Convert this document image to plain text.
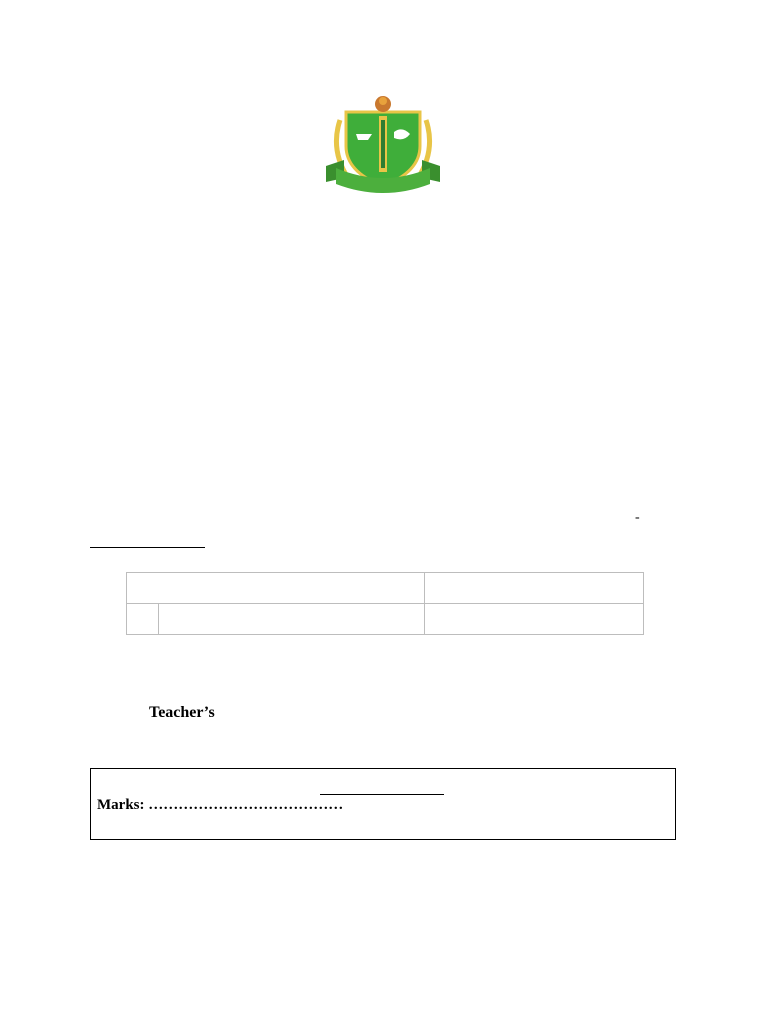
-

Teacher’s
Marks: …………………………………
